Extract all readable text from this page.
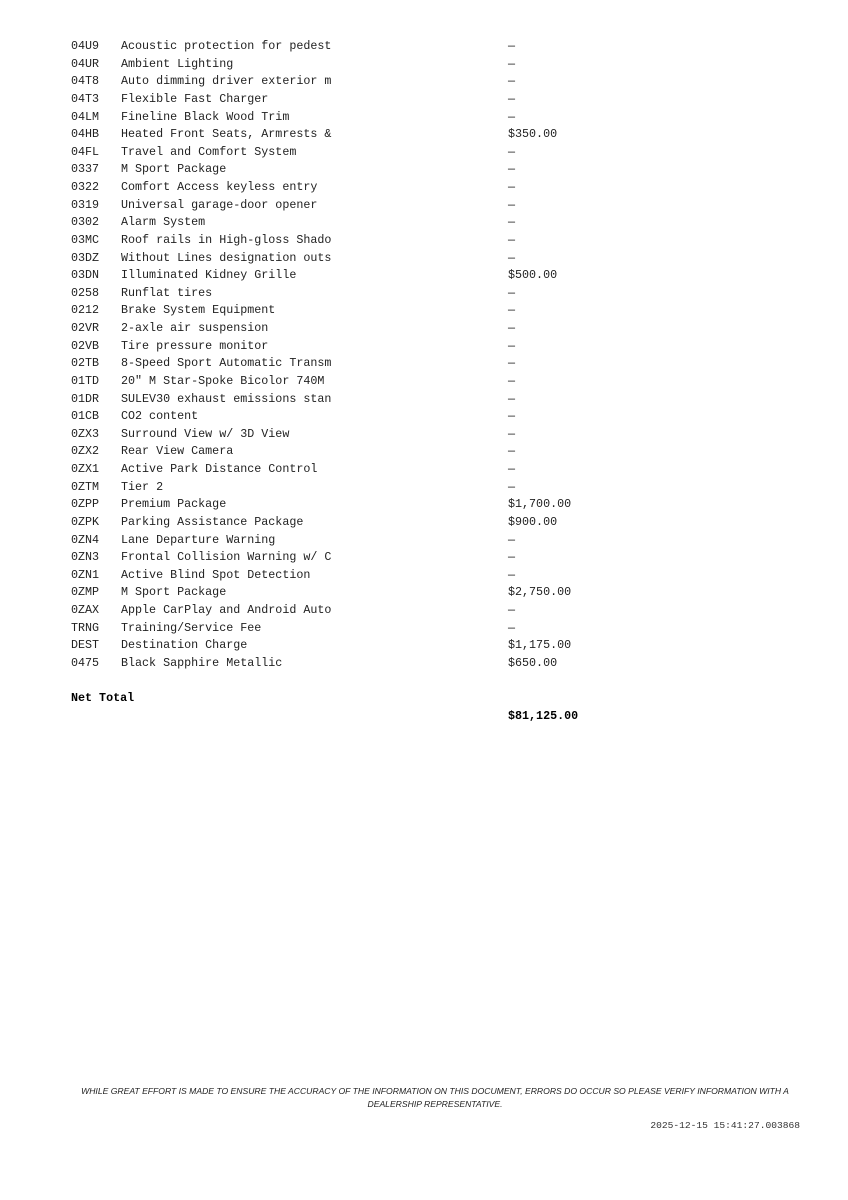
04U9 Acoustic protection for pedest	—
04UR Ambient Lighting	—
04T8 Auto dimming driver exterior m	—
04T3 Flexible Fast Charger	—
04LM Fineline Black Wood Trim	—
04HB Heated Front Seats, Armrests &	$350.00
04FL Travel and Comfort System	—
0337 M Sport Package	—
0322 Comfort Access keyless entry	—
0319 Universal garage-door opener	—
0302 Alarm System	—
03MC Roof rails in High-gloss Shado	—
03DZ Without Lines designation outs	—
03DN Illuminated Kidney Grille	$500.00
0258 Runflat tires	—
0212 Brake System Equipment	—
02VR 2-axle air suspension	—
02VB Tire pressure monitor	—
02TB 8-Speed Sport Automatic Transm	—
01TD 20" M Star-Spoke Bicolor 740M	—
01DR SULEV30 exhaust emissions stan	—
01CB CO2 content	—
0ZX3 Surround View w/ 3D View	—
0ZX2 Rear View Camera	—
0ZX1 Active Park Distance Control	—
0ZTM Tier 2	—
0ZPP Premium Package	$1,700.00
0ZPK Parking Assistance Package	$900.00
0ZN4 Lane Departure Warning	—
0ZN3 Frontal Collision Warning w/ C	—
0ZN1 Active Blind Spot Detection	—
0ZMP M Sport Package	$2,750.00
0ZAX Apple CarPlay and Android Auto	—
TRNG Training/Service Fee	—
DEST Destination Charge	$1,175.00
0475 Black Sapphire Metallic	$650.00

Net Total

$81,125.00

WHILE GREAT EFFORT IS MADE TO ENSURE THE ACCURACY OF THE INFORMATION ON THIS DOCUMENT, ERRORS DO OCCUR SO PLEASE VERIFY INFORMATION WITH A DEALERSHIP REPRESENTATIVE.
2025-12-15 15:41:27.003868
